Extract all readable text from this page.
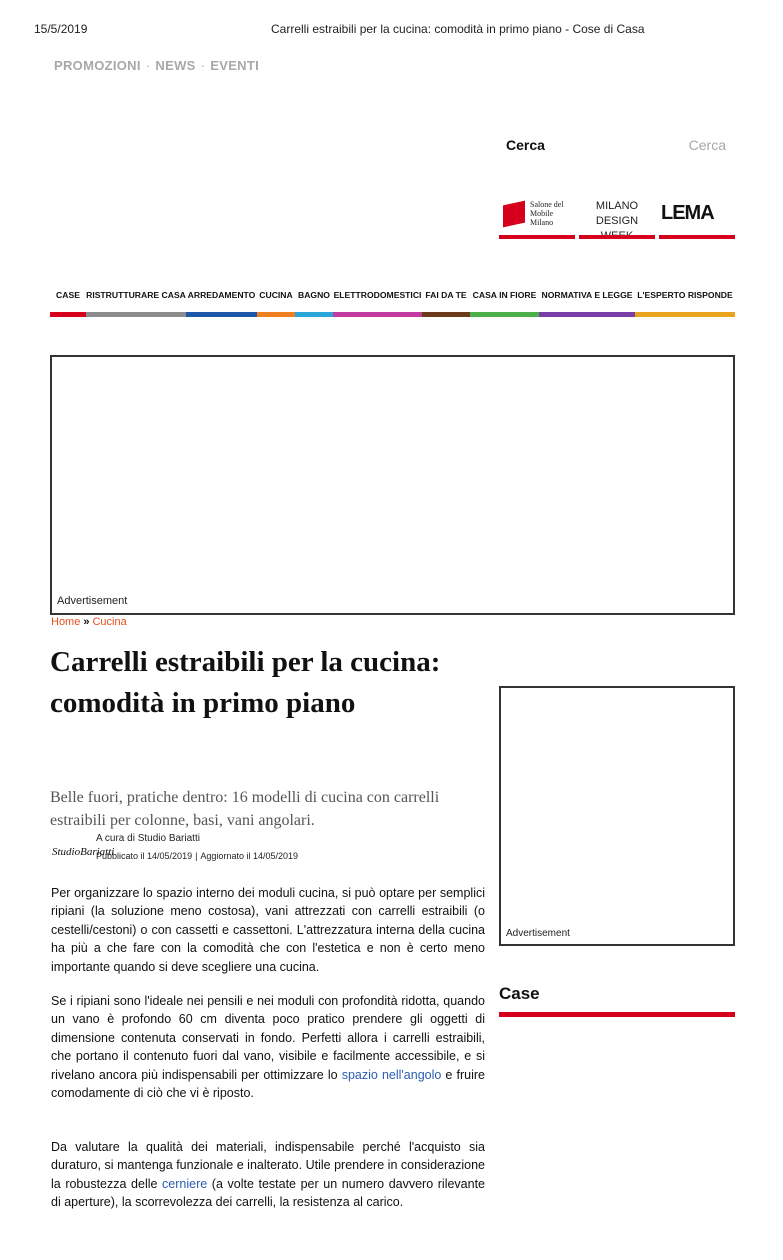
15/5/2019	Carrelli estraibili per la cucina: comodità in primo piano - Cose di Casa
PROMOZIONI · NEWS · EVENTI
Cerca
Cerca
Salone del Mobile Milano
MILANO
DESIGN	LEMA
CASE RISTRUTTURARE CASA ARREDAMENTO CUCINA BAGNO ELETTRODOMESTICI FAI DA TE CASA IN FIORE NORMATIVA E LEGGE L'ESPERTO RISPONDE
Advertisement
Home » Cucina
Carrelli estraibili per la cucina: comodità in primo piano

Belle fuori, pratiche dentro: 16 modelli di cucina con carrelli estraibili per colonne, basi, vani angolari.

A cura di Studio Bariatti
StudioBariatti
Pubblicato il 14/05/2019 | Aggiornato il 14/05/2019

Per organizzare lo spazio interno dei moduli cucina, si può optare per semplici ripiani (la soluzione meno costosa), vani attrezzati con carrelli estraibili (o cestelli/cestoni) o con cassetti e cassettoni. L'attrezzatura interna della cucina ha più a che fare con la comodità che con l'estetica e non è certo meno importante quando si deve scegliere una cucina.

Se i ripiani sono l'ideale nei pensili e nei moduli con profondità ridotta, quando un vano è profondo 60 cm diventa poco pratico prendere gli oggetti di dimensione contenuta conservati in fondo. Perfetti allora i carrelli estraibili, che portano il contenuto fuori dal vano, visibile e facilmente accessibile, e si rivelano ancora più indispensabili per ottimizzare lo spazio nell'angolo e fruire comodamente di ciò che vi è riposto.

Da valutare la qualità dei materiali, indispensabile perché l'acquisto sia duraturo, si mantenga funzionale e inalterato. Utile prendere in considerazione la robustezza delle cerniere (a volte testate per un numero davvero rilevante di aperture), la scorrevolezza dei carrelli, la resistenza al carico.

Advertisement
Case
